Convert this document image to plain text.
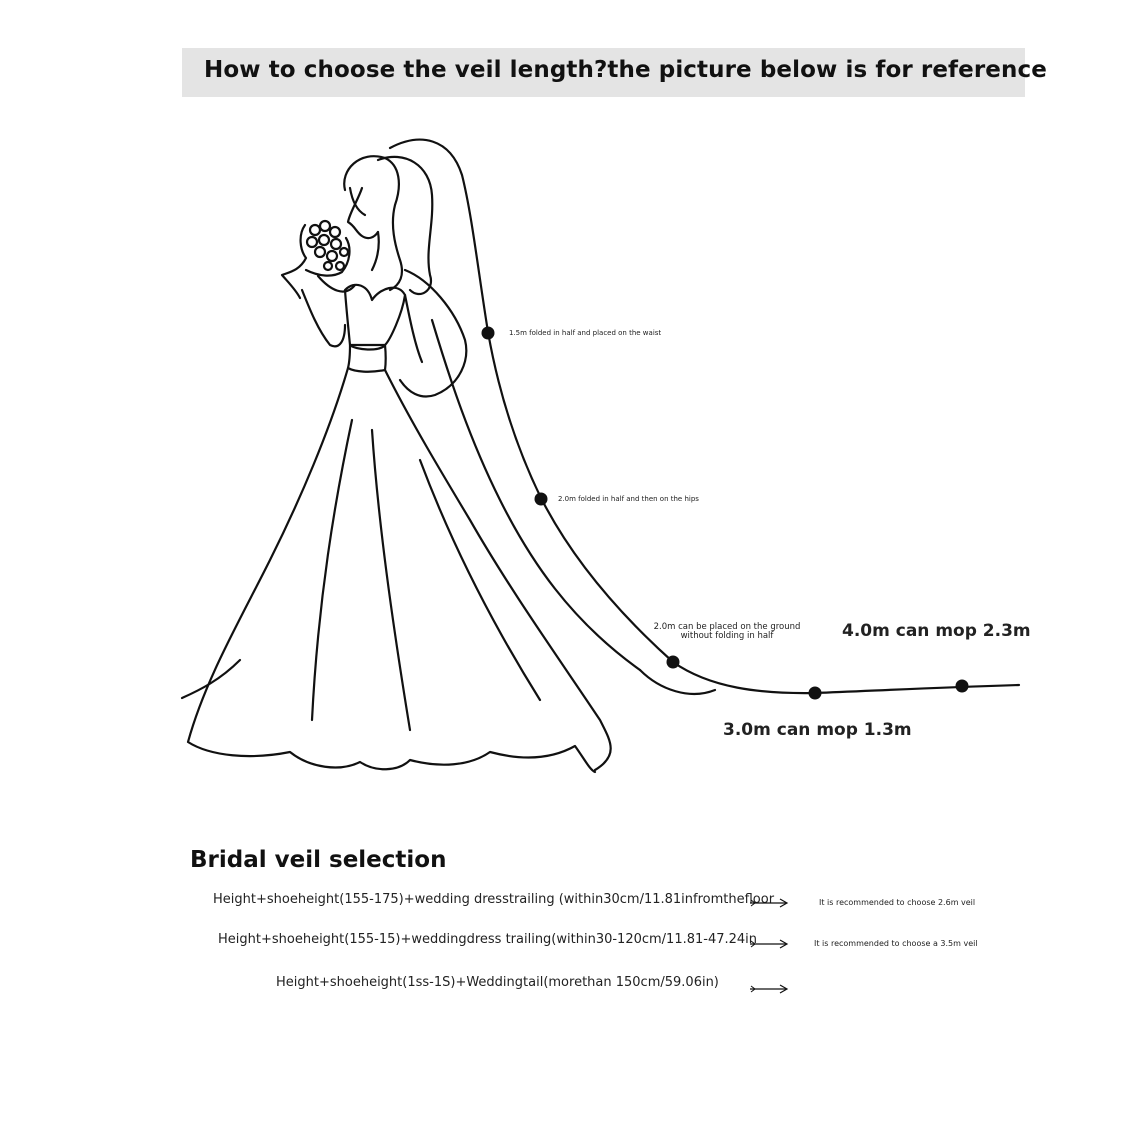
How to choose the veil length?the picture below is for reference
1.5m folded in half and placed on the waist
2.0m folded in half and then on the hips
2.0m can be placed on the ground
without folding in half	4.0m can mop 2.3m
3.0m can mop 1.3m
Bridal veil selection
Height+shoeheight(155-175)+wedding dresstrailing (within30cm/11.81infromthefloor	It is recommended to choose 2.6m veil
Height+shoeheight(155-15)+weddingdress trailing(within30-120cm/11.81-47.24in	It is recommended to choose a 3.5m veil
Height+shoeheight(1ss-1S)+Weddingtail(morethan 150cm/59.06in)
